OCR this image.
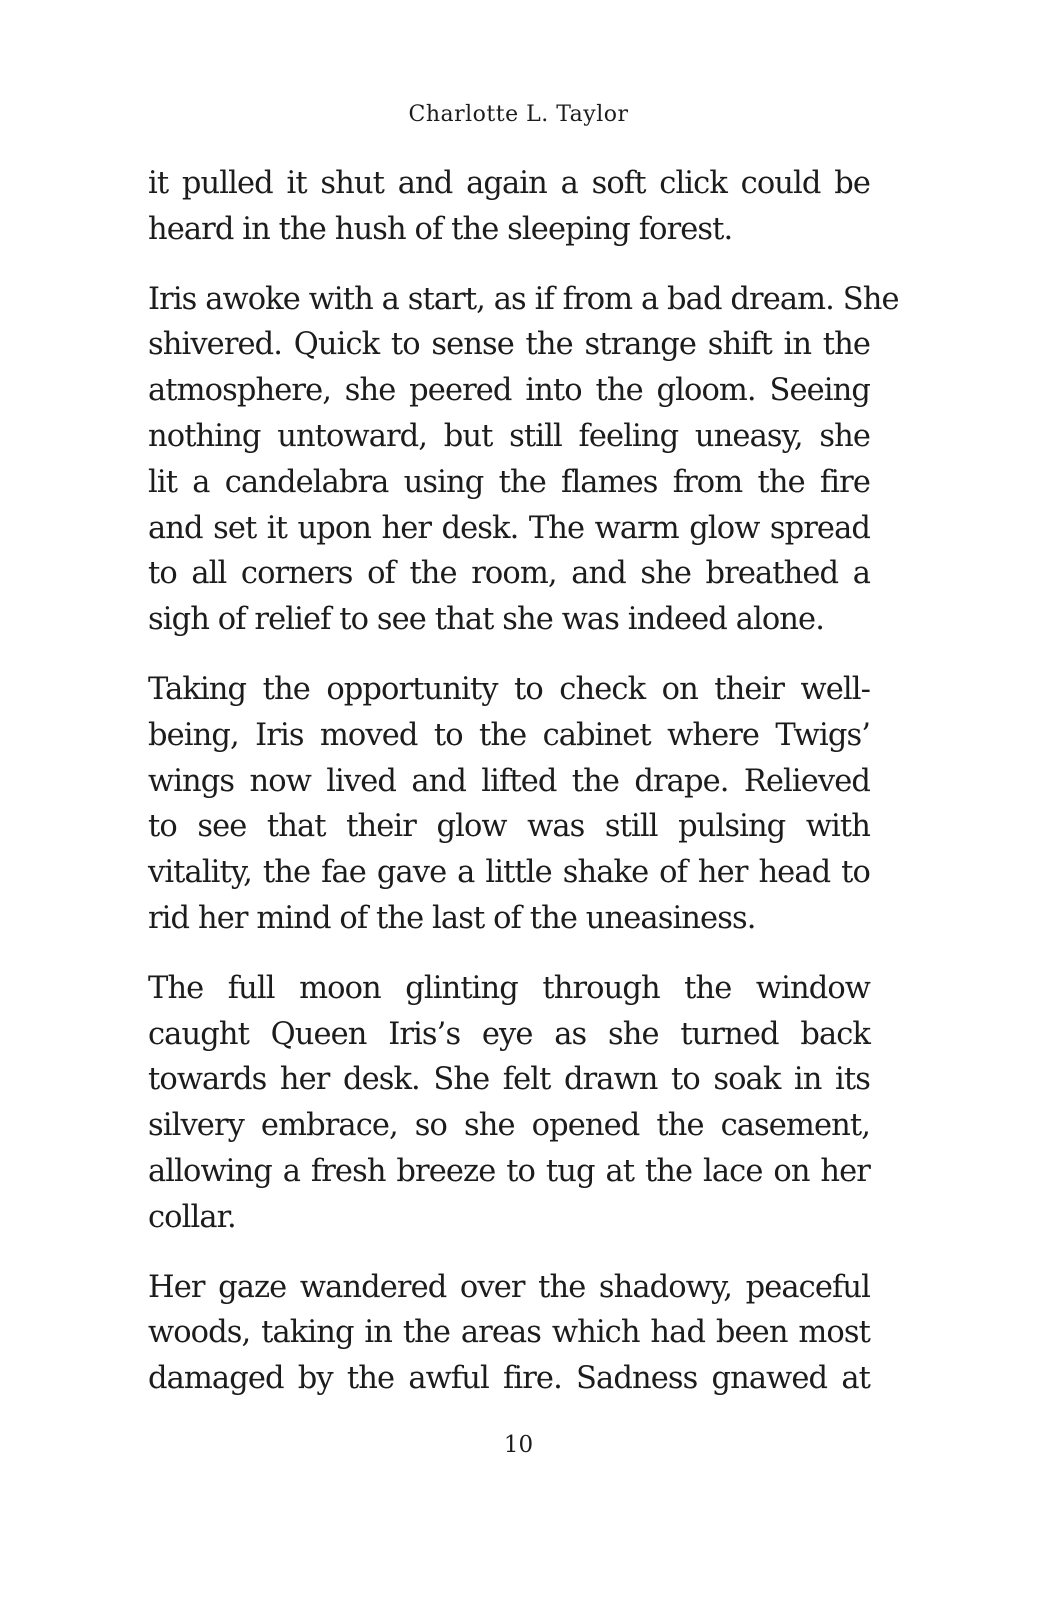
Charlotte L. Taylor
it pulled it shut and again a soft click could be
heard in the hush of the sleeping forest.
Iris awoke with a start, as if from a bad dream. She
shivered. Quick to sense the strange shift in the
atmosphere, she peered into the gloom. Seeing
nothing untoward, but still feeling uneasy, she
lit a candelabra using the flames from the fire
and set it upon her desk. The warm glow spread
to all corners of the room, and she breathed a
sigh of relief to see that she was indeed alone.
Taking the opportunity to check on their well-
being, Iris moved to the cabinet where Twigs’
wings now lived and lifted the drape. Relieved
to see that their glow was still pulsing with
vitality, the fae gave a little shake of her head to
rid her mind of the last of the uneasiness.
The full moon glinting through the window
caught Queen Iris’s eye as she turned back
towards her desk. She felt drawn to soak in its
silvery embrace, so she opened the casement,
allowing a fresh breeze to tug at the lace on her
collar.
Her gaze wandered over the shadowy, peaceful
woods, taking in the areas which had been most
damaged by the awful fire. Sadness gnawed at
10
